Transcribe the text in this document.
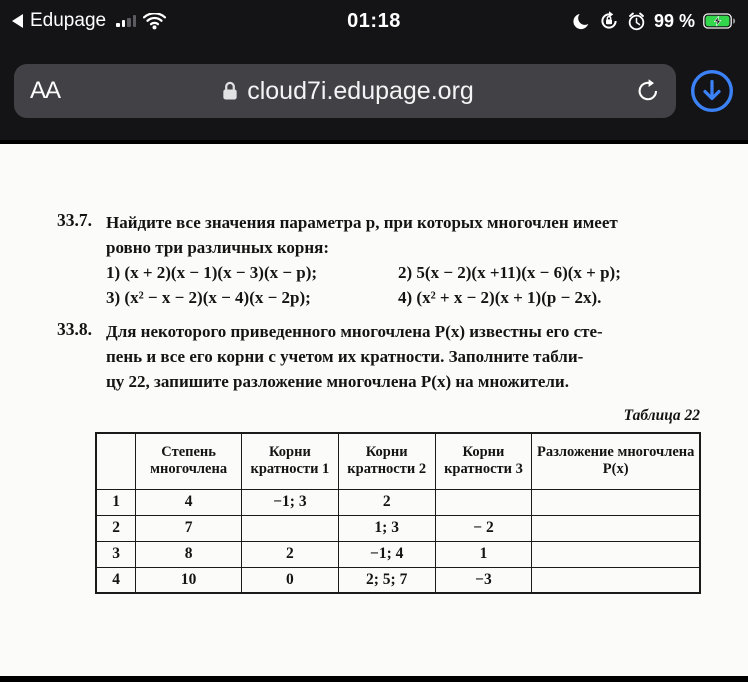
Edupage	01:18	99 %
AA	cloud7i.edupage.org
33.7. Найдите все значения параметра p, при которых многочлен имеет
ровно три различных корня:
1) (x + 2)(x − 1)(x − 3)(x − p);	2) 5(x − 2)(x +11)(x − 6)(x + p);
3) (x² − x − 2)(x − 4)(x − 2p);	4) (x² + x − 2)(x + 1)(p − 2x).
33.8. Для некоторого приведенного многочлена P(x) известны его сте-
пень и все его корни с учетом их кратности. Заполните табли-
цу 22, запишите разложение многочлена P(x) на множители.
Таблица 22
	Степень многочлена	Корни кратности 1	Корни кратности 2	Корни кратности 3	Разложение многочлена P(x)
1	4	−1; 3	2		
2	7		1; 3	− 2	
3	8	2	−1; 4	1	
4	10	0	2; 5; 7	−3	
